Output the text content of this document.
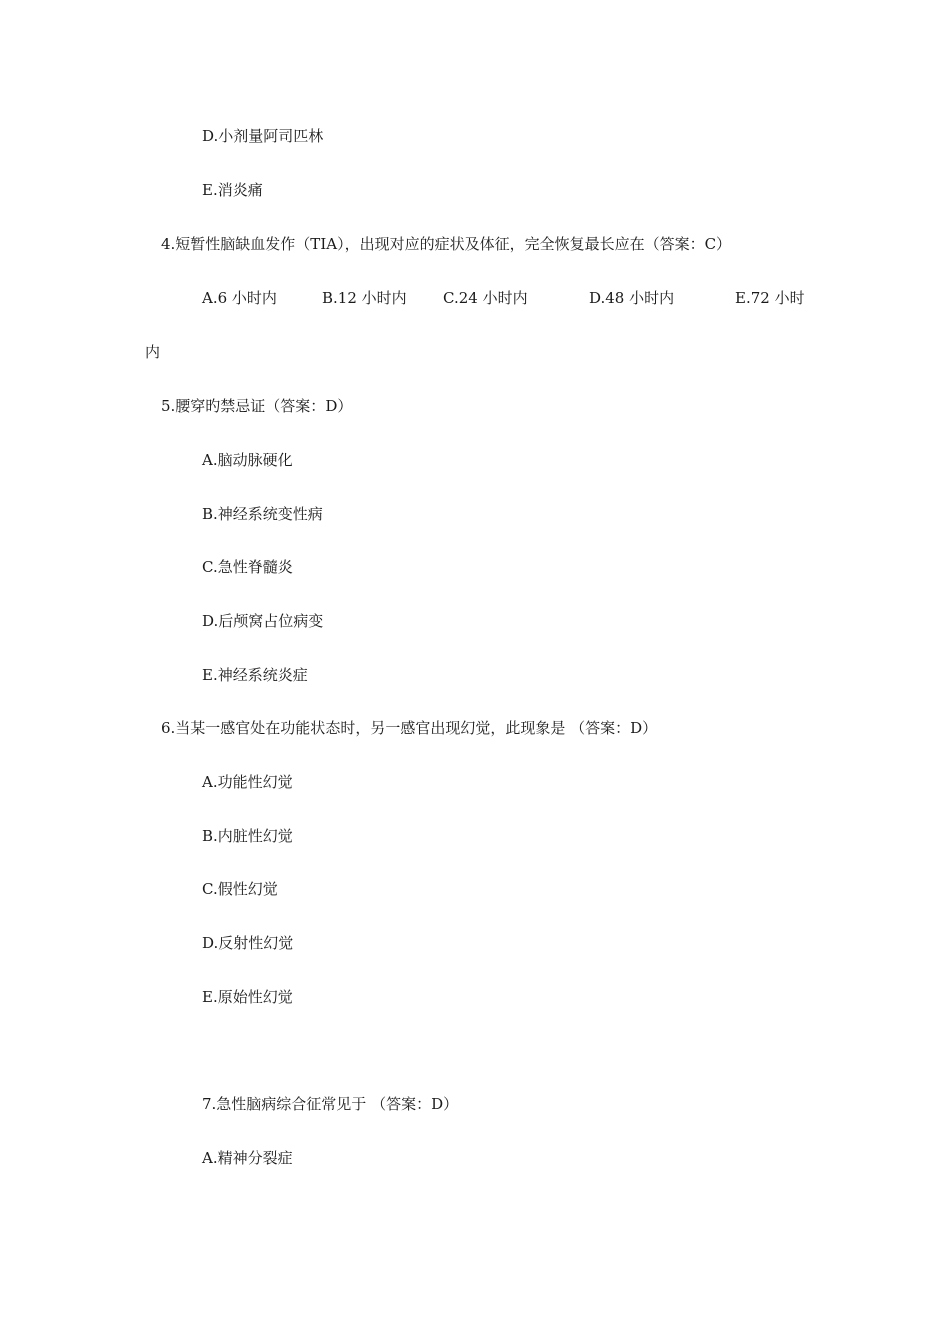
D.小剂量阿司匹林
E.消炎痛
4.短暂性脑缺血发作（TIA），出现对应的症状及体征，完全恢复最长应在（答案：C）
A.6 小时内	B.12 小时内 C.24 小时内	D.48 小时内	E.72 小时
内
5.腰穿旳禁忌证（答案：D）
A.脑动脉硬化
B.神经系统变性病
C.急性脊髓炎
D.后颅窝占位病变
E.神经系统炎症
6.当某一感官处在功能状态时，另一感官出现幻觉，此现象是 （答案：D）
A.功能性幻觉
B.内脏性幻觉
C.假性幻觉
D.反射性幻觉
E.原始性幻觉
7.急性脑病综合征常见于 （答案：D）
A.精神分裂症
